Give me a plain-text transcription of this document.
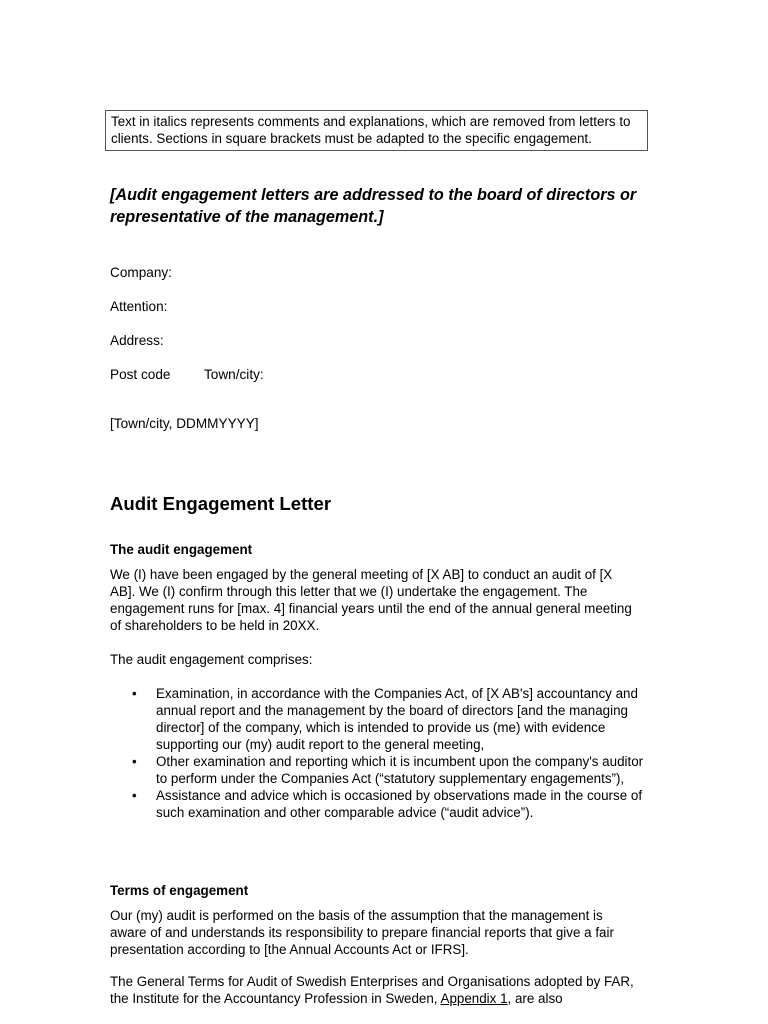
Text in italics represents comments and explanations, which are removed from letters to clients. Sections in square brackets must be adapted to the specific engagement.
[Audit engagement letters are addressed to the board of directors or representative of the management.]
Company:
Attention:
Address:
Post code Town/city:
[Town/city, DDMMYYYY]
Audit Engagement Letter
The audit engagement
We (I) have been engaged by the general meeting of [X AB] to conduct an audit of [X AB]. We (I) confirm through this letter that we (I) undertake the engagement. The engagement runs for [max. 4] financial years until the end of the annual general meeting of shareholders to be held in 20XX.
The audit engagement comprises:
• Examination, in accordance with the Companies Act, of [X AB's] accountancy and annual report and the management by the board of directors [and the managing director] of the company, which is intended to provide us (me) with evidence supporting our (my) audit report to the general meeting,
• Other examination and reporting which it is incumbent upon the company's auditor to perform under the Companies Act (“statutory supplementary engagements”),
• Assistance and advice which is occasioned by observations made in the course of such examination and other comparable advice (“audit advice”).
Terms of engagement
Our (my) audit is performed on the basis of the assumption that the management is aware of and understands its responsibility to prepare financial reports that give a fair presentation according to [the Annual Accounts Act or IFRS].
The General Terms for Audit of Swedish Enterprises and Organisations adopted by FAR, the Institute for the Accountancy Profession in Sweden, Appendix 1, are also
